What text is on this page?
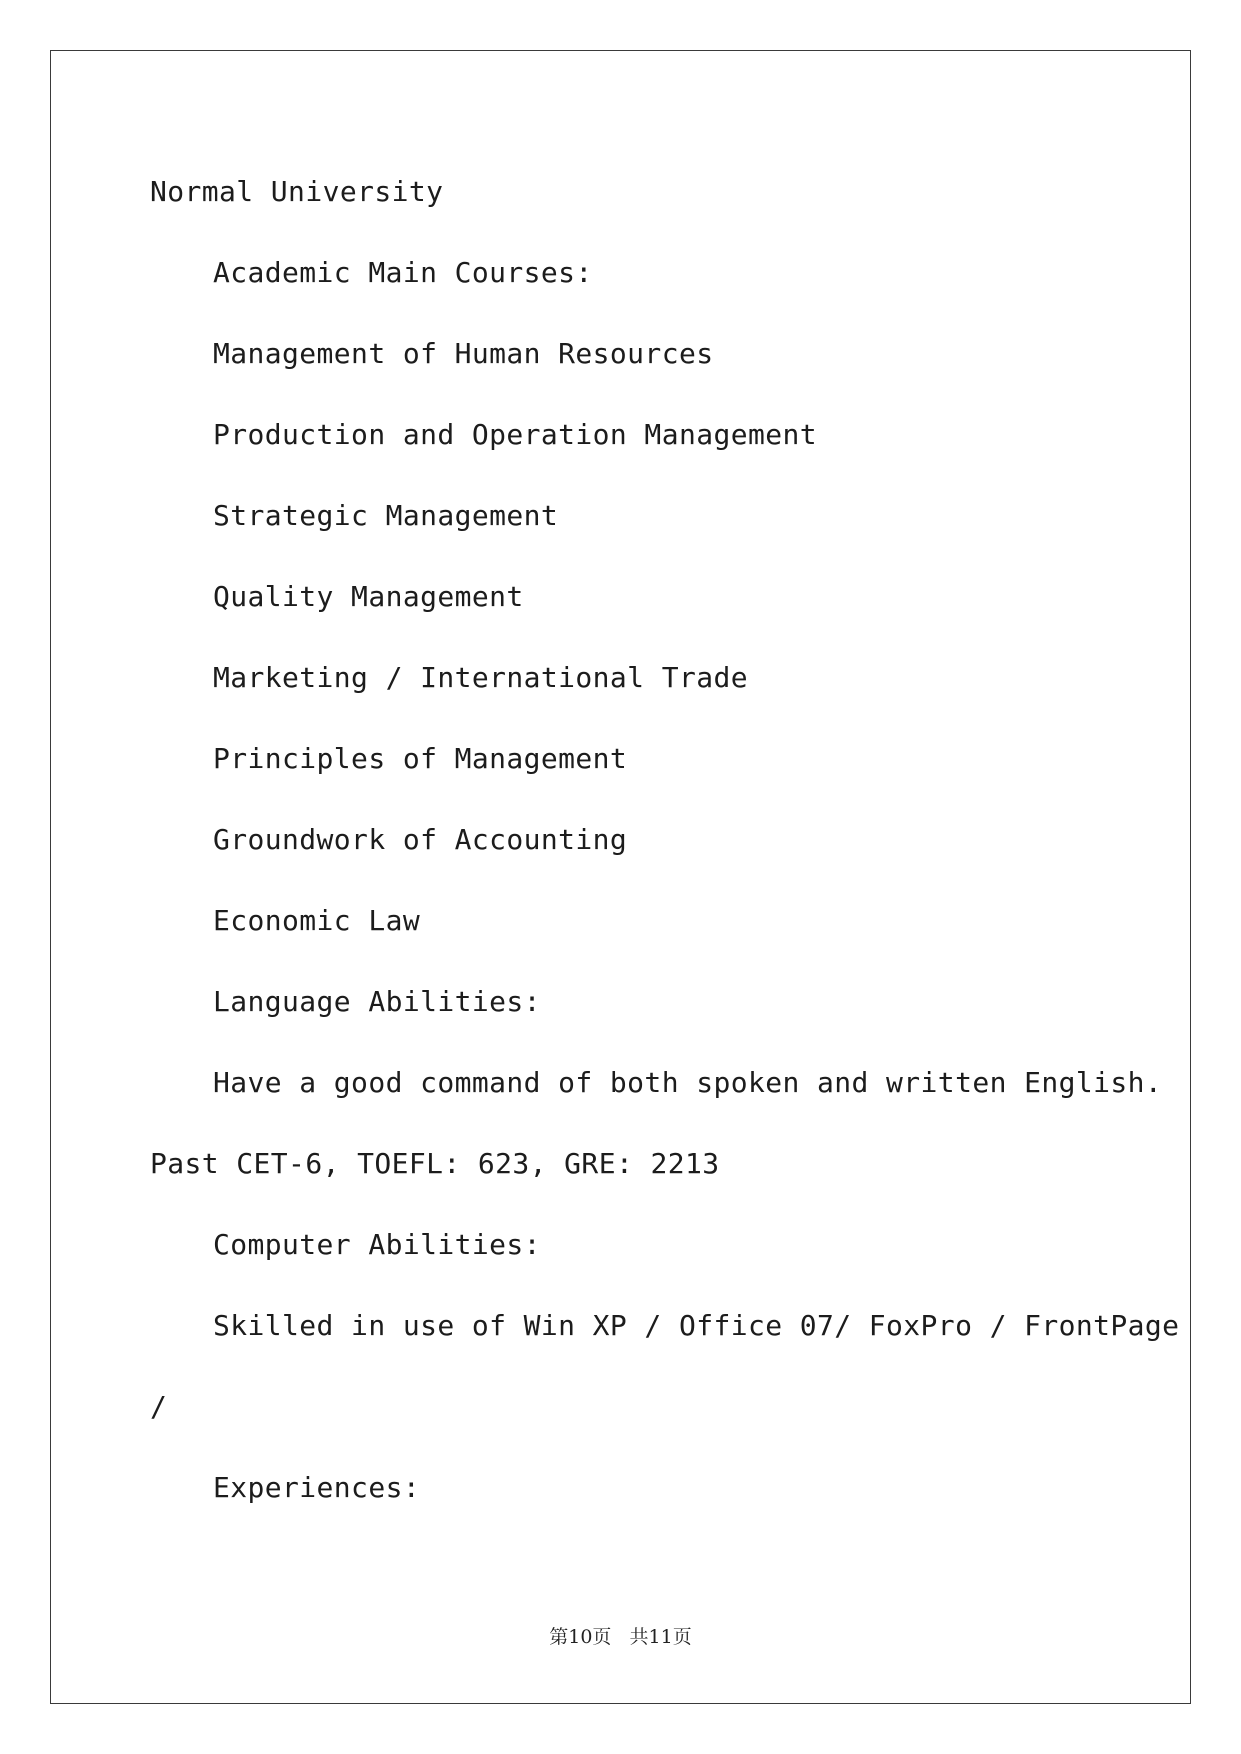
Normal University
Academic Main Courses:
Management of Human Resources
Production and Operation Management
Strategic Management
Quality Management
Marketing / International Trade
Principles of Management
Groundwork of Accounting
Economic Law
Language Abilities:
Have a good command of both spoken and written English.
Past CET-6, TOEFL: 623, GRE: 2213
Computer Abilities:
Skilled in use of Win XP / Office 07/ FoxPro / FrontPage
/
Experiences:
第10页   共11页
